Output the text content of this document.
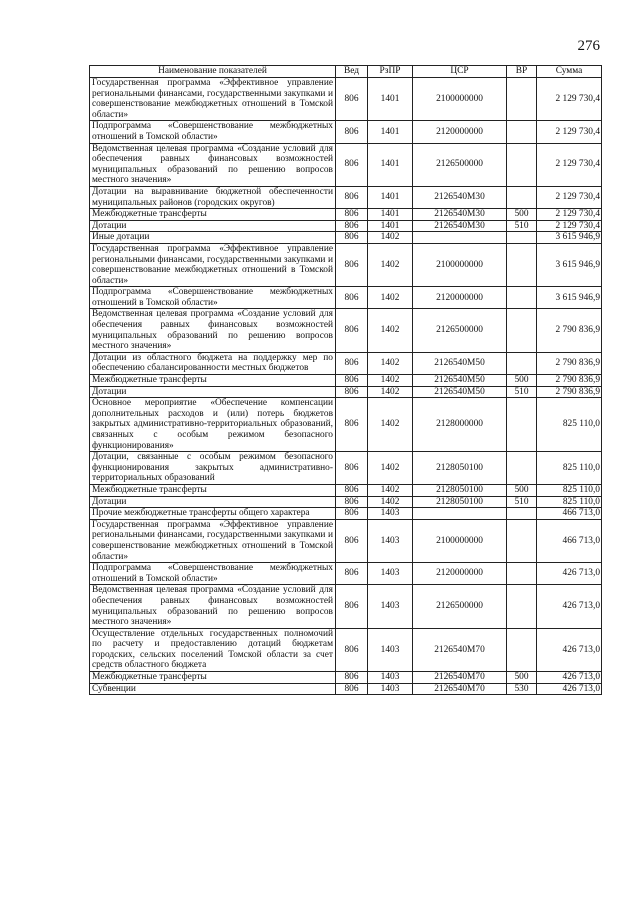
276
Наименование показателей	Вед	РзПР	ЦСР	ВР	Сумма
Государственная программа «Эффективное управление региональными финансами, государственными закупками и совершенствование межбюджетных отношений в Томской области»	806	1401	2100000000		2 129 730,4
Подпрограмма «Совершенствование межбюджетных отношений в Томской области»	806	1401	2120000000		2 129 730,4
Ведомственная целевая программа «Создание условий для обеспечения равных финансовых возможностей муниципальных образований по решению вопросов местного значения»	806	1401	2126500000		2 129 730,4
Дотации на выравнивание бюджетной обеспеченности муниципальных районов (городских округов)	806	1401	2126540М30		2 129 730,4
Межбюджетные трансферты	806	1401	2126540М30	500	2 129 730,4
Дотации	806	1401	2126540М30	510	2 129 730,4
Иные дотации	806	1402			3 615 946,9
Государственная программа «Эффективное управление региональными финансами, государственными закупками и совершенствование межбюджетных отношений в Томской области»	806	1402	2100000000		3 615 946,9
Подпрограмма «Совершенствование межбюджетных отношений в Томской области»	806	1402	2120000000		3 615 946,9
Ведомственная целевая программа «Создание условий для обеспечения равных финансовых возможностей муниципальных образований по решению вопросов местного значения»	806	1402	2126500000		2 790 836,9
Дотации из областного бюджета на поддержку мер по обеспечению сбалансированности местных бюджетов	806	1402	2126540М50		2 790 836,9
Межбюджетные трансферты	806	1402	2126540М50	500	2 790 836,9
Дотации	806	1402	2126540М50	510	2 790 836,9
Основное мероприятие «Обеспечение компенсации дополнительных расходов и (или) потерь бюджетов закрытых административно-территориальных образований, связанных с особым режимом безопасного функционирования»	806	1402	2128000000		825 110,0
Дотации, связанные с особым режимом безопасного функционирования закрытых административно-территориальных образований	806	1402	2128050100		825 110,0
Межбюджетные трансферты	806	1402	2128050100	500	825 110,0
Дотации	806	1402	2128050100	510	825 110,0
Прочие межбюджетные трансферты общего характера	806	1403			466 713,0
Государственная программа «Эффективное управление региональными финансами, государственными закупками и совершенствование межбюджетных отношений в Томской области»	806	1403	2100000000		466 713,0
Подпрограмма «Совершенствование межбюджетных отношений в Томской области»	806	1403	2120000000		426 713,0
Ведомственная целевая программа «Создание условий для обеспечения равных финансовых возможностей муниципальных образований по решению вопросов местного значения»	806	1403	2126500000		426 713,0
Осуществление отдельных государственных полномочий по расчету и предоставлению дотаций бюджетам городских, сельских поселений Томской области за счет средств областного бюджета	806	1403	2126540М70		426 713,0
Межбюджетные трансферты	806	1403	2126540М70	500	426 713,0
Субвенции	806	1403	2126540М70	530	426 713,0
